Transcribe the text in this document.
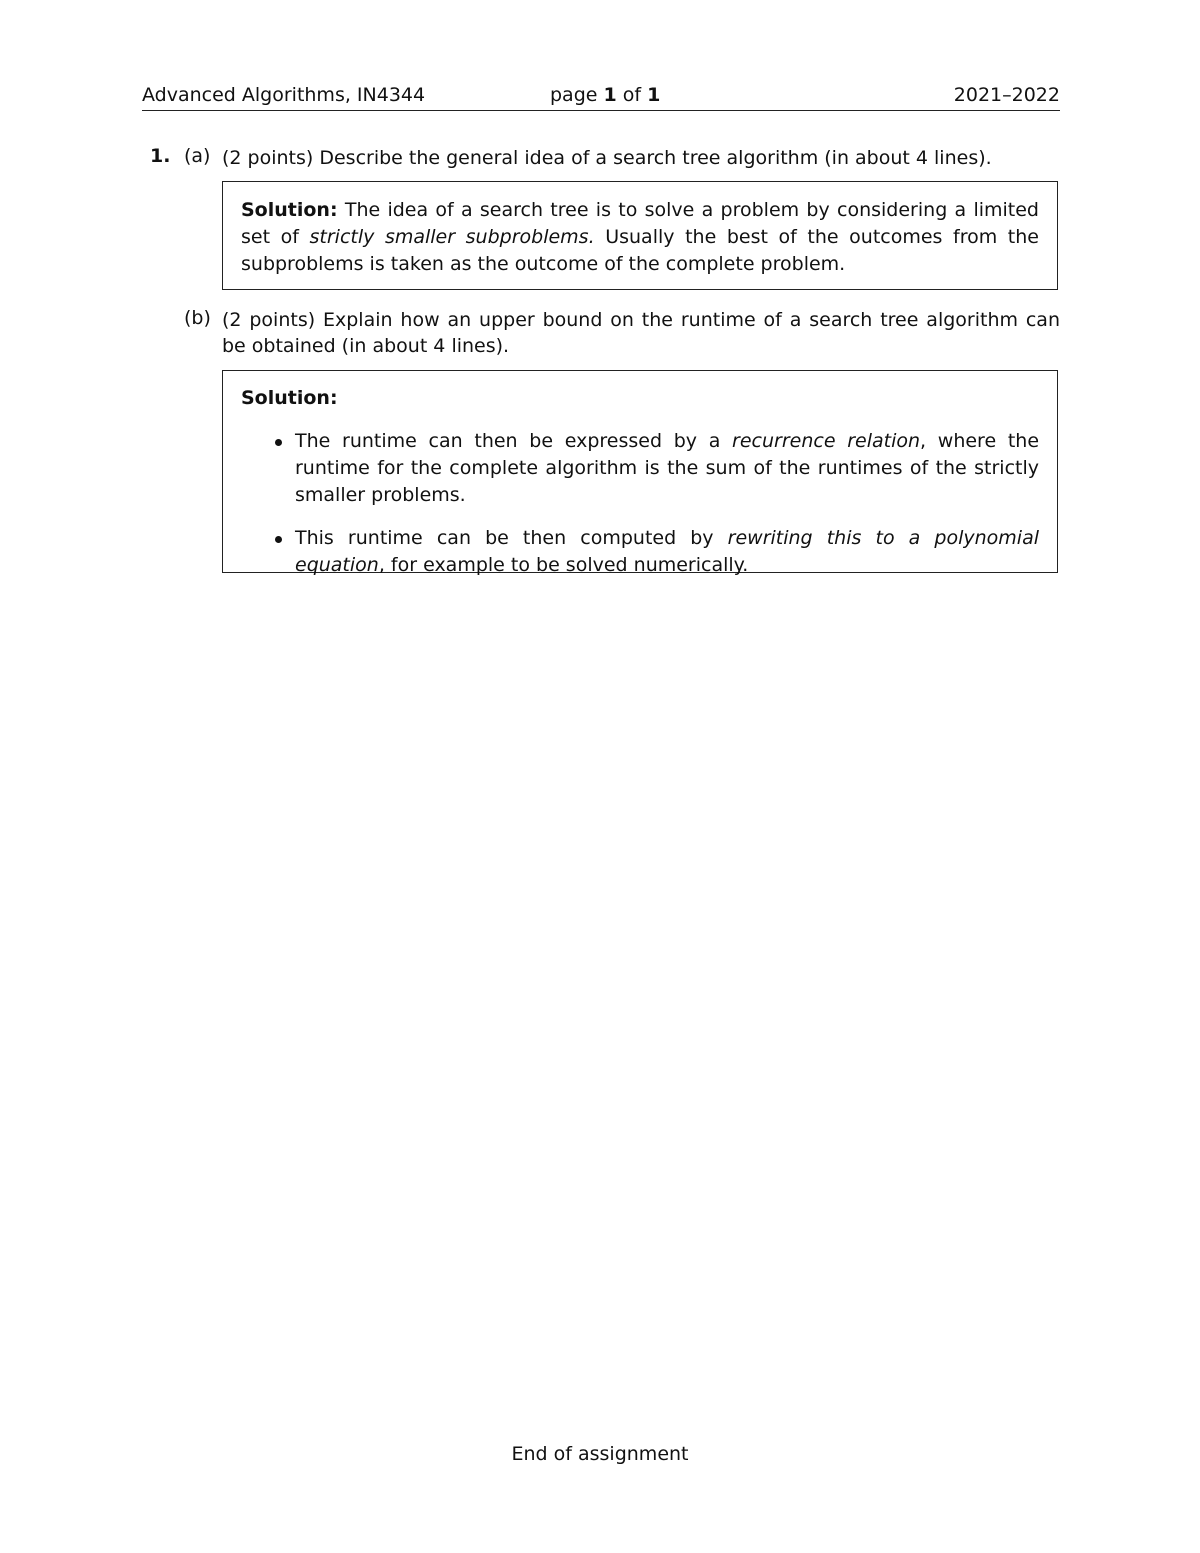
Advanced Algorithms, IN4344	page 1 of 1	2021–2022
1. (a) (2 points) Describe the general idea of a search tree algorithm (in about 4 lines).
Solution: The idea of a search tree is to solve a problem by considering a limited set of strictly smaller subproblems. Usually the best of the outcomes from the subproblems is taken as the outcome of the complete problem.
(b) (2 points) Explain how an upper bound on the runtime of a search tree algorithm can be obtained (in about 4 lines).
Solution:
The runtime can then be expressed by a recurrence relation, where the runtime for the complete algorithm is the sum of the runtimes of the strictly smaller problems.
This runtime can be then computed by rewriting this to a polynomial equation, for example to be solved numerically.
End of assignment
